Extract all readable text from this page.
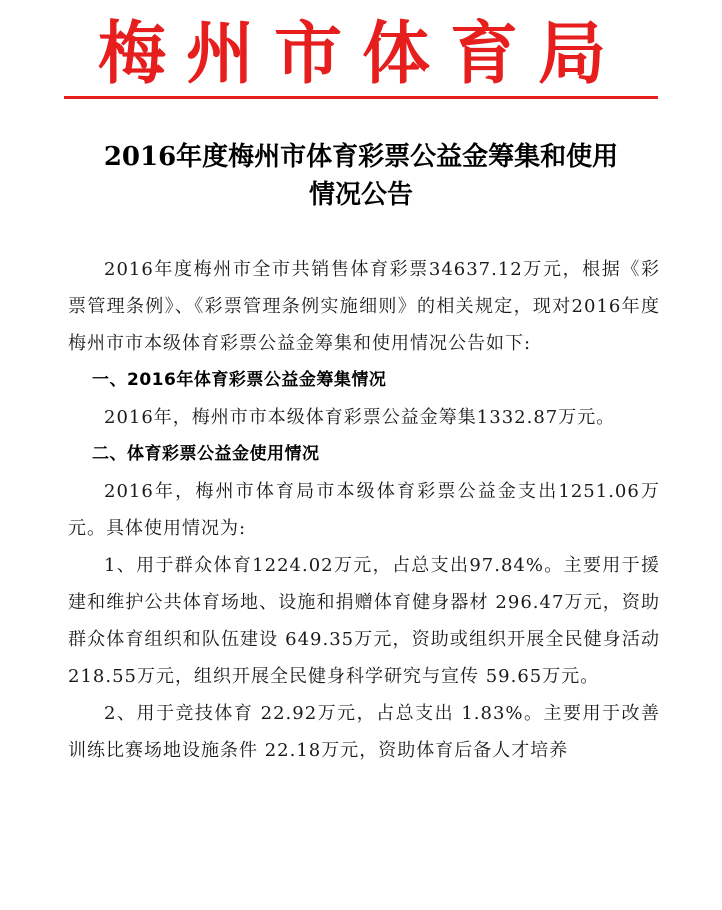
梅州市体育局
2016年度梅州市体育彩票公益金筹集和使用
情况公告

2016年度梅州市全市共销售体育彩票34637.12万元，根据《彩票管理条例》、《彩票管理条例实施细则》的相关规定，现对2016年度梅州市市本级体育彩票公益金筹集和使用情况公告如下:

一、2016年体育彩票公益金筹集情况

2016年，梅州市市本级体育彩票公益金筹集1332.87万元。

二、体育彩票公益金使用情况

2016年，梅州市体育局市本级体育彩票公益金支出1251.06万元。具体使用情况为:

1、用于群众体育1224.02万元，占总支出97.84%。主要用于援建和维护公共体育场地、设施和捐赠体育健身器材 296.47万元，资助群众体育组织和队伍建设 649.35万元，资助或组织开展全民健身活动 218.55万元，组织开展全民健身科学研究与宣传 59.65万元。

2、用于竞技体育 22.92万元，占总支出 1.83%。主要用于改善训练比赛场地设施条件 22.18万元，资助体育后备人才培养
